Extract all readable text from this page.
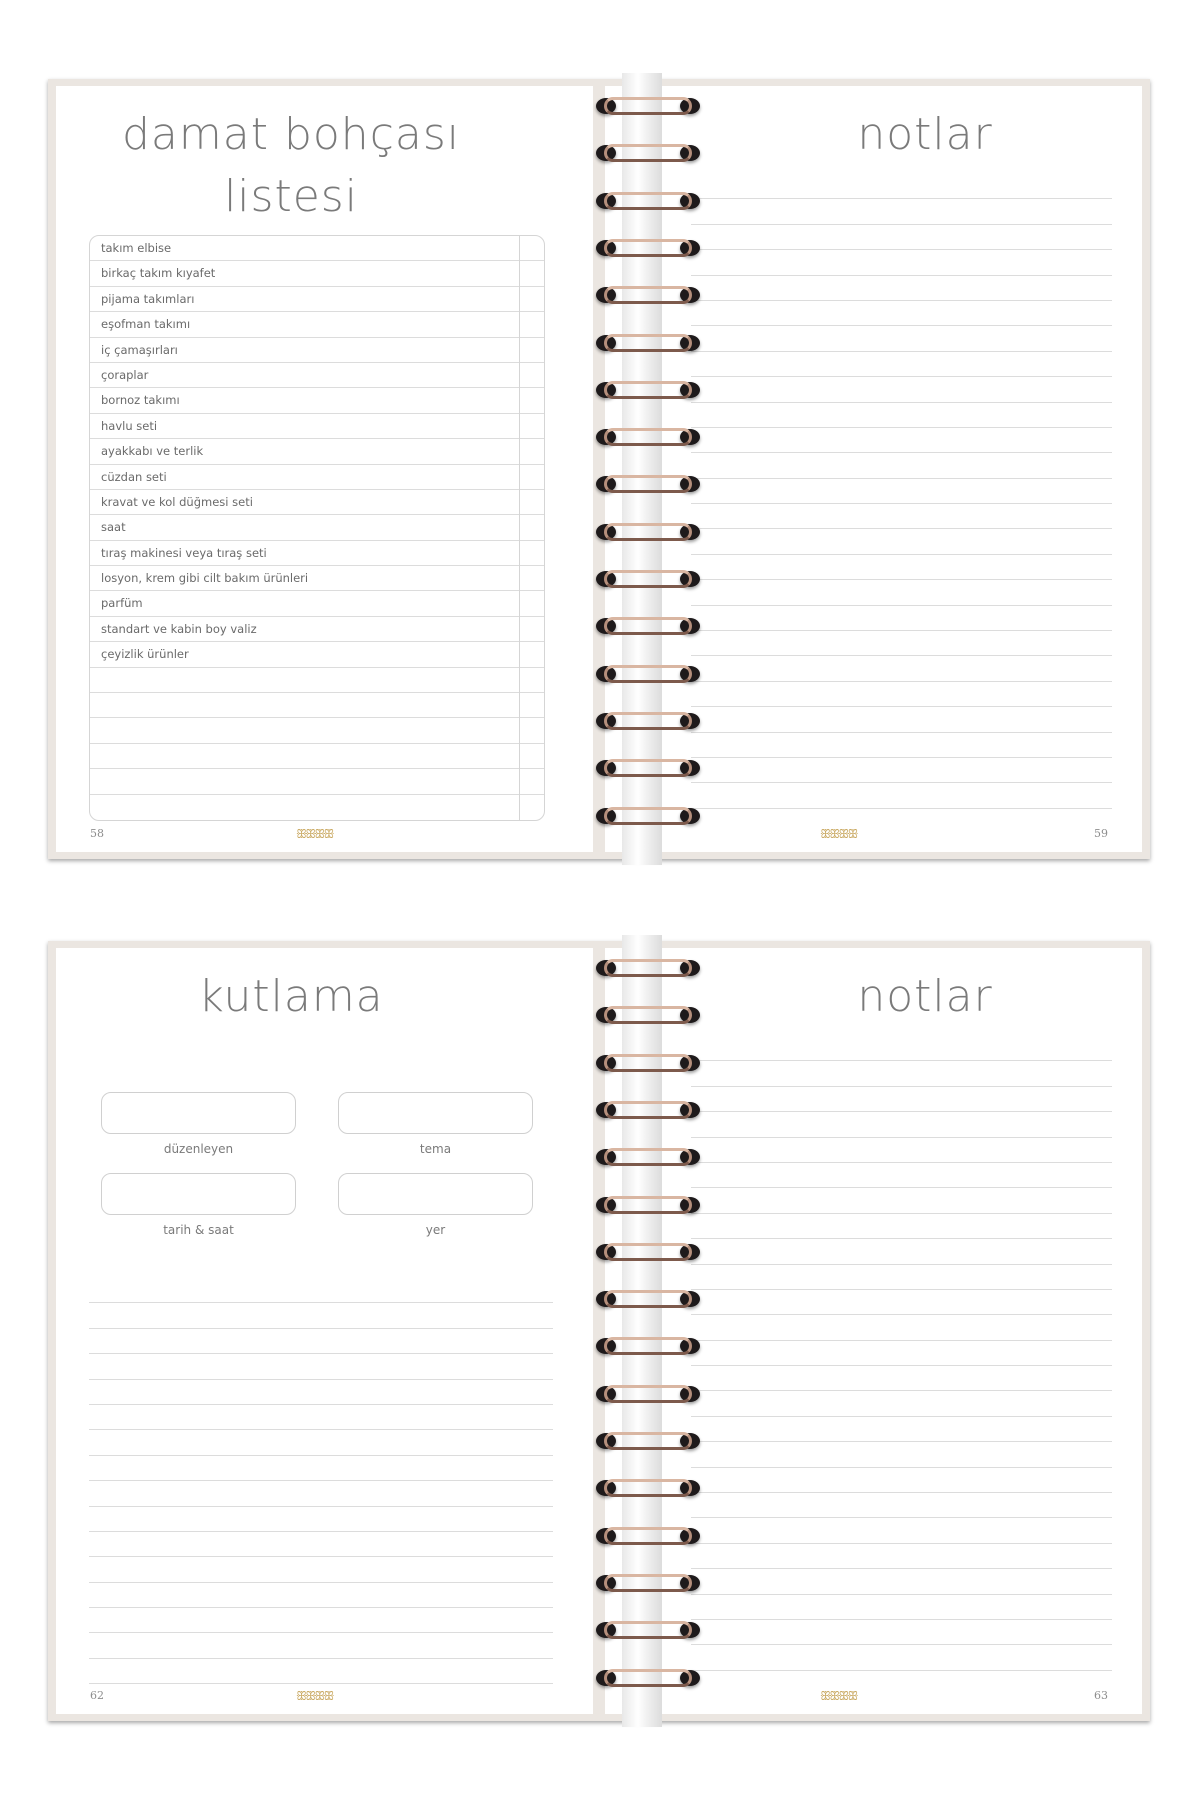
damat bohçası
listesi
takım elbise
birkaç takım kıyafet
pijama takımları
eşofman takımı
iç çamaşırları
çoraplar
bornoz takımı
havlu seti
ayakkabı ve terlik
cüzdan seti
kravat ve kol düğmesi seti
saat
tıraş makinesi veya tıraş seti
losyon, krem gibi cilt bakım ürünleri
parfüm
standart ve kabin boy valiz
çeyizlik ürünler
ꕥꕥꕥꕥ
58
notlar
ꕥꕥꕥꕥ	59
kutlama
düzenleyen	tema
tarih & saat	yer
ꕥꕥꕥꕥ
62
notlar
ꕥꕥꕥꕥ	63
